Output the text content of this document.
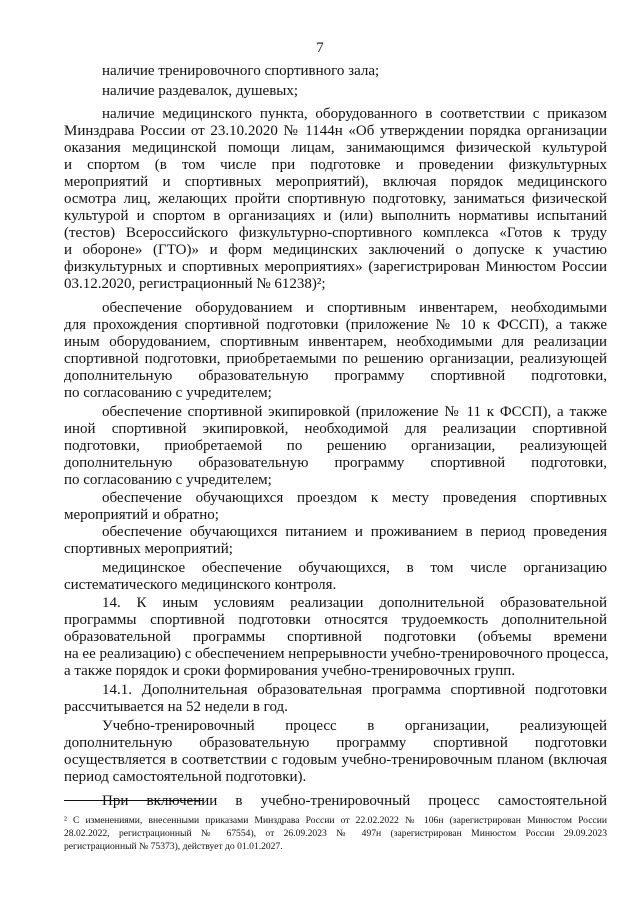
7
наличие тренировочного спортивного зала;
наличие раздевалок, душевых;
наличие медицинского пункта, оборудованного в соответствии с приказом
Минздрава России от 23.10.2020 № 1144н «Об утверждении порядка организации
оказания медицинской помощи лицам, занимающимся физической культурой
и спортом (в том числе при подготовке и проведении физкультурных
мероприятий и спортивных мероприятий), включая порядок медицинского
осмотра лиц, желающих пройти спортивную подготовку, заниматься физической
культурой и спортом в организациях и (или) выполнить нормативы испытаний
(тестов) Всероссийского физкультурно-спортивного комплекса «Готов к труду
и обороне» (ГТО)» и форм медицинских заключений о допуске к участию
физкультурных и спортивных мероприятиях» (зарегистрирован Минюстом России
03.12.2020, регистрационный № 61238)²;
обеспечение оборудованием и спортивным инвентарем, необходимыми
для прохождения спортивной подготовки (приложение № 10 к ФССП), а также
иным оборудованием, спортивным инвентарем, необходимыми для реализации
спортивной подготовки, приобретаемыми по решению организации, реализующей
дополнительную образовательную программу спортивной подготовки,
по согласованию с учредителем;
обеспечение спортивной экипировкой (приложение № 11 к ФССП), а также
иной спортивной экипировкой, необходимой для реализации спортивной
подготовки, приобретаемой по решению организации, реализующей
дополнительную образовательную программу спортивной подготовки,
по согласованию с учредителем;
обеспечение обучающихся проездом к месту проведения спортивных
мероприятий и обратно;
обеспечение обучающихся питанием и проживанием в период проведения
спортивных мероприятий;
медицинское обеспечение обучающихся, в том числе организацию
систематического медицинского контроля.
14. К иным условиям реализации дополнительной образовательной
программы спортивной подготовки относятся трудоемкость дополнительной
образовательной программы спортивной подготовки (объемы времени
на ее реализацию) с обеспечением непрерывности учебно-тренировочного процесса,
а также порядок и сроки формирования учебно-тренировочных групп.
14.1. Дополнительная образовательная программа спортивной подготовки
рассчитывается на 52 недели в год.
Учебно-тренировочный процесс в организации, реализующей
дополнительную образовательную программу спортивной подготовки
осуществляется в соответствии с годовым учебно-тренировочным планом (включая
период самостоятельной подготовки).
При включении в учебно-тренировочный процесс самостоятельной
² С изменениями, внесенными приказами Минздрава России от 22.02.2022 № 106н (зарегистрирован Минюстом России
28.02.2022, регистрационный № 67554), от 26.09.2023 № 497н (зарегистрирован Минюстом России 29.09.2023
регистрационный № 75373), действует до 01.01.2027.
